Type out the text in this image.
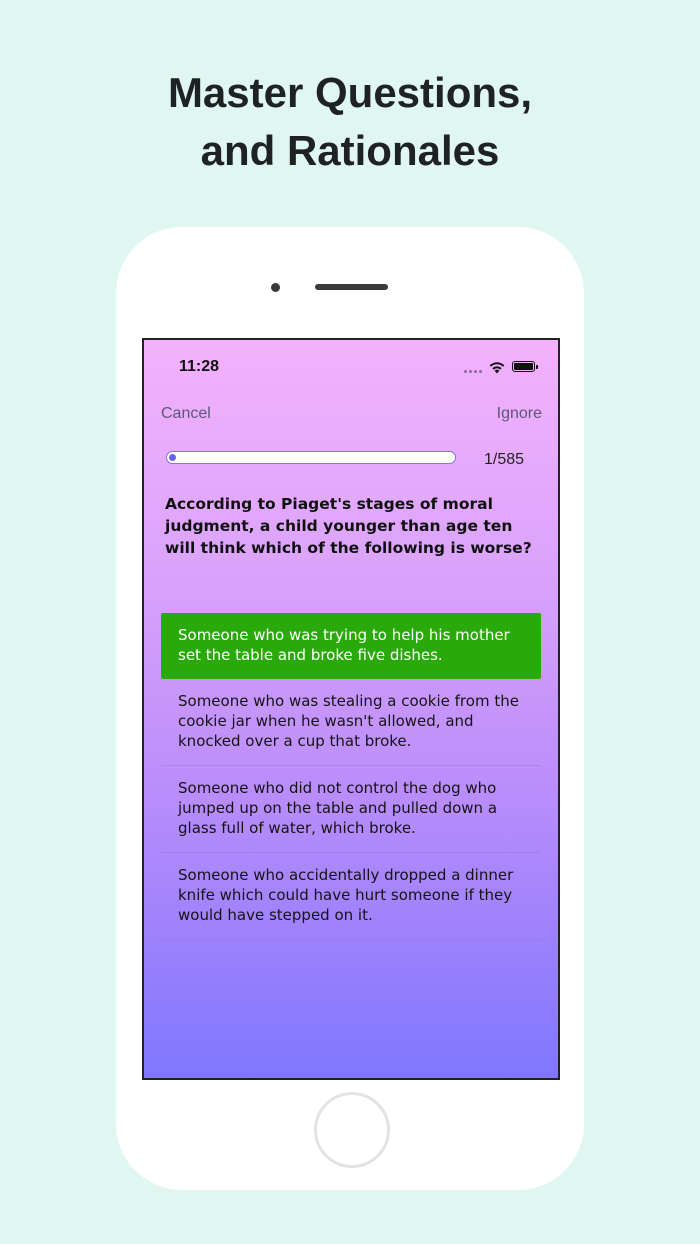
Master Questions,
and Rationales
11:28
Cancel	Ignore
1/585
According to Piaget's stages of moral judgment, a child younger than age ten will think which of the following is worse?
Someone who was trying to help his mother set the table and broke five dishes.
Someone who was stealing a cookie from the cookie jar when he wasn't allowed, and knocked over a cup that broke.
Someone who did not control the dog who jumped up on the table and pulled down a glass full of water, which broke.
Someone who accidentally dropped a dinner knife which could have hurt someone if they would have stepped on it.
